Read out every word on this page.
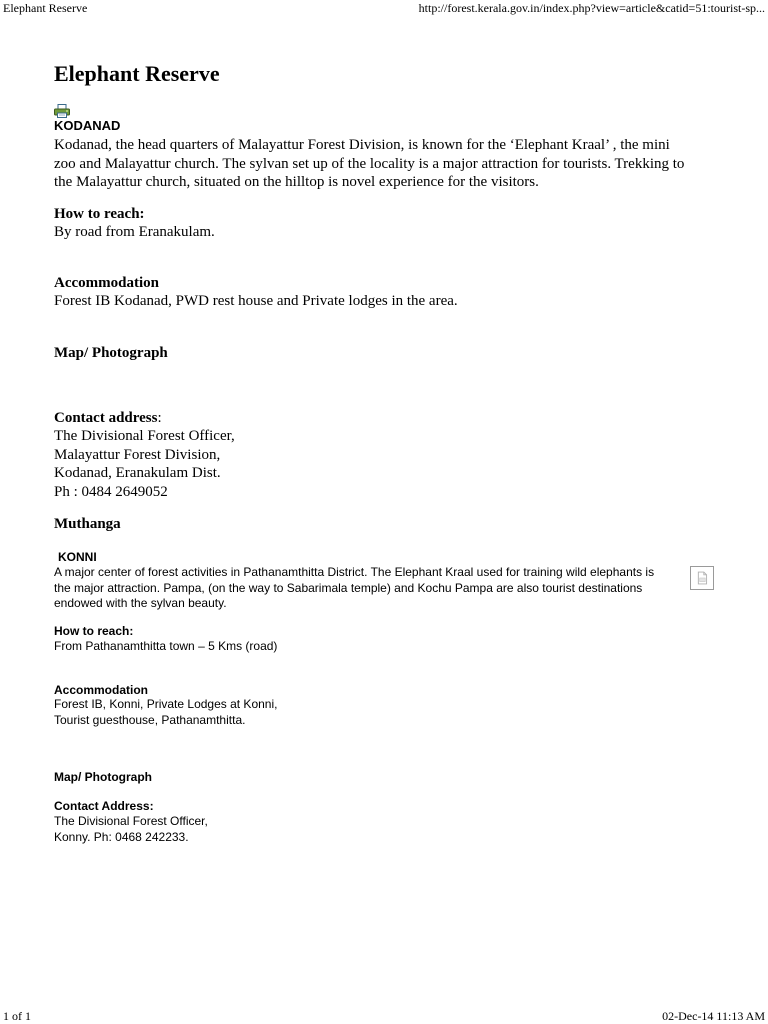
Elephant Reserve	http://forest.kerala.gov.in/index.php?view=article&catid=51:tourist-sp...
Elephant Reserve
KODANAD

Kodanad, the head quarters of Malayattur Forest Division, is known for the ‘Elephant Kraal’ , the mini
zoo and Malayattur church. The sylvan set up of the locality is a major attraction for tourists. Trekking to
the Malayattur church, situated on the hilltop is novel experience for the visitors.

How to reach:
By road from Eranakulam.
Accommodation
Forest IB Kodanad, PWD rest house and Private lodges in the area.
Map/ Photograph
Contact address:
The Divisional Forest Officer,
Malayattur Forest Division,
Kodanad, Eranakulam Dist.
Ph : 0484 2649052
Muthanga
KONNI

A major center of forest activities in Pathanamthitta District. The Elephant Kraal used for training wild elephants is
the major attraction. Pampa, (on the way to Sabarimala temple) and Kochu Pampa are also tourist destinations
endowed with the sylvan beauty.

How to reach:
From Pathanamthitta town – 5 Kms (road)
Accommodation
Forest IB, Konni, Private Lodges at Konni,
Tourist guesthouse, Pathanamthitta.
Map/ Photograph
Contact Address:
The Divisional Forest Officer,
Konny. Ph: 0468 242233.
1 of 1	02-Dec-14 11:13 AM
